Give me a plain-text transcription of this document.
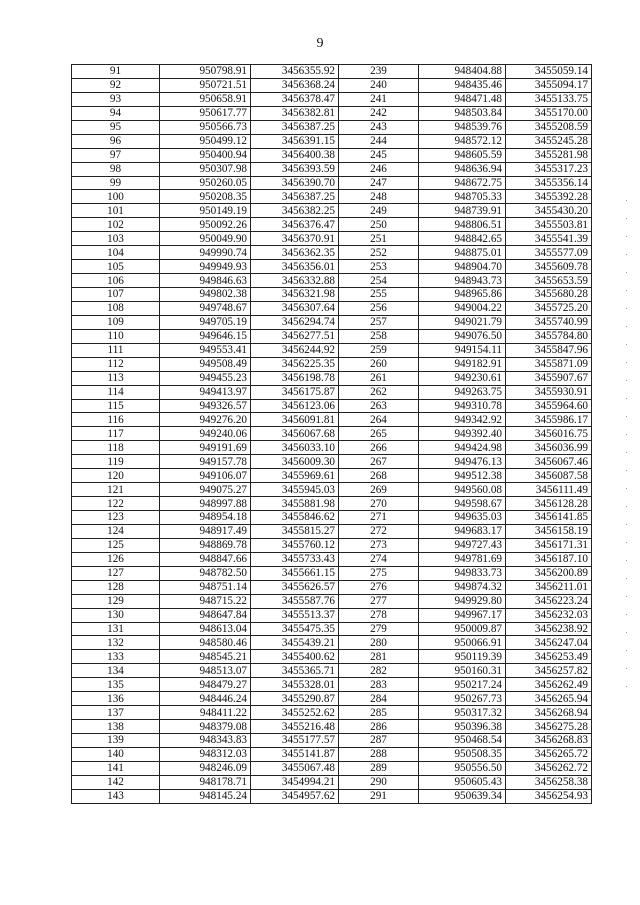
9
91	950798.91	3456355.92	239	948404.88	3455059.14
92	950721.51	3456368.24	240	948435.46	3455094.17
93	950658.91	3456378.47	241	948471.48	3455133.75
94	950617.77	3456382.81	242	948503.84	3455170.00
95	950566.73	3456387.25	243	948539.76	3455208.59
96	950499.12	3456391.15	244	948572.12	3455245.28
97	950400.94	3456400.38	245	948605.59	3455281.98
98	950307.98	3456393.59	246	948636.94	3455317.23
99	950260.05	3456390.70	247	948672.75	3455356.14
100	950208.35	3456387.25	248	948705.33	3455392.28
101	950149.19	3456382.25	249	948739.91	3455430.20
102	950092.26	3456376.47	250	948806.51	3455503.81
103	950049.90	3456370.91	251	948842.65	3455541.39
104	949990.74	3456362.35	252	948875.01	3455577.09
105	949949.93	3456356.01	253	948904.70	3455609.78
106	949846.63	3456332.88	254	948943.73	3455653.59
107	949802.38	3456321.98	255	948965.86	3455680.28
108	949748.67	3456307.64	256	949004.22	3455725.20
109	949705.19	3456294.74	257	949021.79	3455740.99
110	949646.15	3456277.51	258	949076.50	3455784.80
111	949553.41	3456244.92	259	949154.11	3455847.96
112	949508.49	3456225.35	260	949182.91	3455871.09
113	949455.23	3456198.78	261	949230.61	3455907.67
114	949413.97	3456175.87	262	949263.75	3455930.91
115	949326.57	3456123.06	263	949310.78	3455964.60
116	949276.20	3456091.81	264	949342.92	3455986.17
117	949240.06	3456067.68	265	949392.40	3456016.75
118	949191.69	3456033.10	266	949424.98	3456036.99
119	949157.78	3456009.30	267	949476.13	3456067.46
120	949106.07	3455969.61	268	949512.38	3456087.58
121	949075.27	3455945.03	269	949560.08	3456111.49
122	948997.88	3455881.98	270	949598.67	3456128.28
123	948954.18	3455846.62	271	949635.03	3456141.85
124	948917.49	3455815.27	272	949683.17	3456158.19
125	948869.78	3455760.12	273	949727.43	3456171.31
126	948847.66	3455733.43	274	949781.69	3456187.10
127	948782.50	3455661.15	275	949833.73	3456200.89
128	948751.14	3455626.57	276	949874.32	3456211.01
129	948715.22	3455587.76	277	949929.80	3456223.24
130	948647.84	3455513.37	278	949967.17	3456232.03
131	948613.04	3455475.35	279	950009.87	3456238.92
132	948580.46	3455439.21	280	950066.91	3456247.04
133	948545.21	3455400.62	281	950119.39	3456253.49
134	948513.07	3455365.71	282	950160.31	3456257.82
135	948479.27	3455328.01	283	950217.24	3456262.49
136	948446.24	3455290.87	284	950267.73	3456265.94
137	948411.22	3455252.62	285	950317.32	3456268.94
138	948379.08	3455216.48	286	950396.38	3456275.28
139	948343.83	3455177.57	287	950468.54	3456268.83
140	948312.03	3455141.87	288	950508.35	3456265.72
141	948246.09	3455067.48	289	950556.50	3456262.72
142	948178.71	3454994.21	290	950605.43	3456258.38
143	948145.24	3454957.62	291	950639.34	3456254.93
